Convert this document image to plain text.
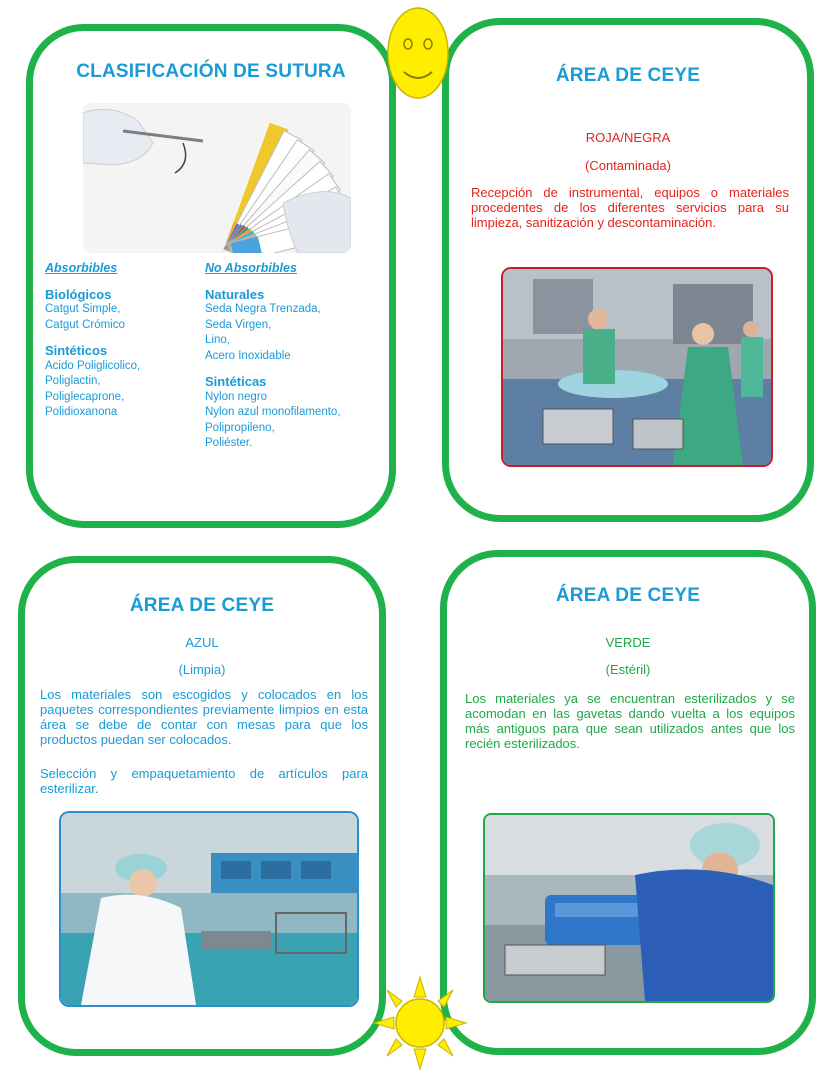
CLASIFICACIÓN DE SUTURA
Absorbibles
Biológicos
Catgut Simple,
Catgut Crómico
Sintéticos
Acido Poliglicolico,
Poliglactin,
Poliglecaprone,
Polidioxanona
No Absorbibles
Naturales
Seda Negra Trenzada,
Seda Virgen,
Lino,
Acero Inoxidable
Sintéticas
Nylon negro
Nylon azul monofilamento,
Polipropileno,
Poliéster.
ÁREA DE CEYE
ROJA/NEGRA
(Contaminada)
Recepción de instrumental, equipos o materiales procedentes de los diferentes servicios para su limpieza, sanitización y descontaminación.
ÁREA DE CEYE
AZUL
(Limpia)
Los materiales son escogidos y colocados en los paquetes correspondientes previamente limpios en esta área se debe de contar con mesas para que los productos puedan ser colocados.
Selección y empaquetamiento de artículos para esterilizar.
ÁREA DE CEYE
VERDE
(Estéril)
Los materiales ya se encuentran esterilizados y se acomodan en las gavetas dando vuelta a los equipos más antiguos para que sean utilizados antes que los recién esterilizados.
